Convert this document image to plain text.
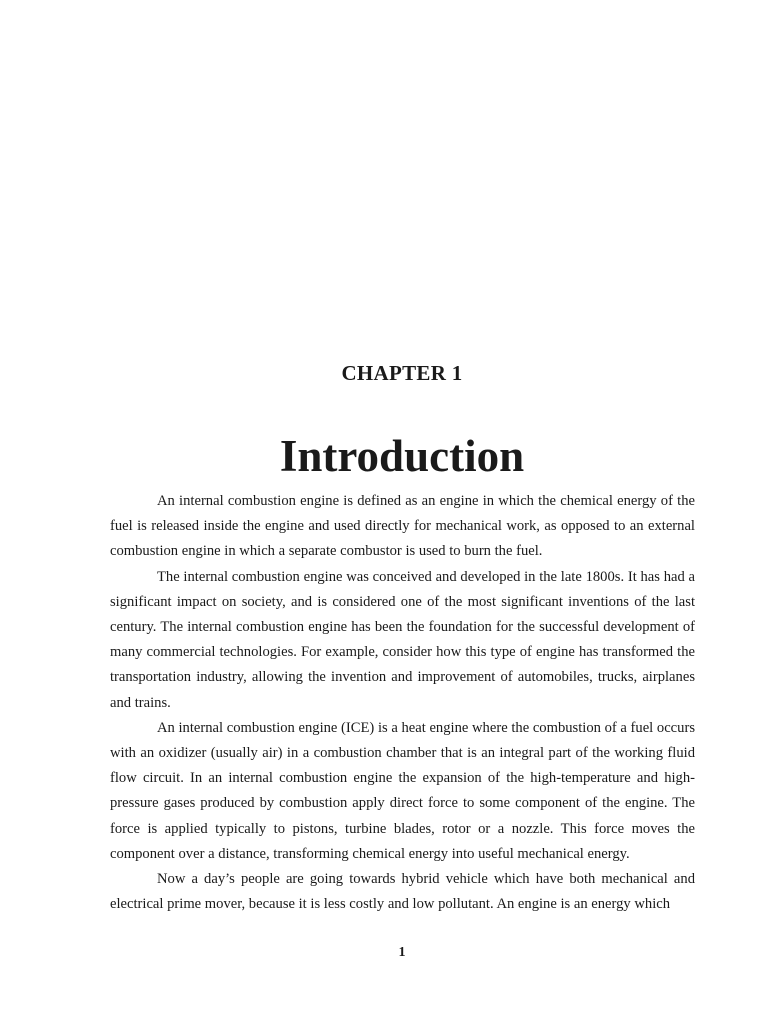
CHAPTER 1
Introduction

An internal combustion engine is defined as an engine in which the chemical energy of the fuel is released inside the engine and used directly for mechanical work, as opposed to an external combustion engine in which a separate combustor is used to burn the fuel.

The internal combustion engine was conceived and developed in the late 1800s. It has had a significant impact on society, and is considered one of the most significant inventions of the last century. The internal combustion engine has been the foundation for the successful development of many commercial technologies. For example, consider how this type of engine has transformed the transportation industry, allowing the invention and improvement of automobiles, trucks, airplanes and trains.

An internal combustion engine (ICE) is a heat engine where the combustion of a fuel occurs with an oxidizer (usually air) in a combustion chamber that is an integral part of the working fluid flow circuit. In an internal combustion engine the expansion of the high-temperature and high-pressure gases produced by combustion apply direct force to some component of the engine. The force is applied typically to pistons, turbine blades, rotor or a nozzle. This force moves the component over a distance, transforming chemical energy into useful mechanical energy.

Now a day’s people are going towards hybrid vehicle which have both mechanical and electrical prime mover, because it is less costly and low pollutant. An engine is an energy which

1
